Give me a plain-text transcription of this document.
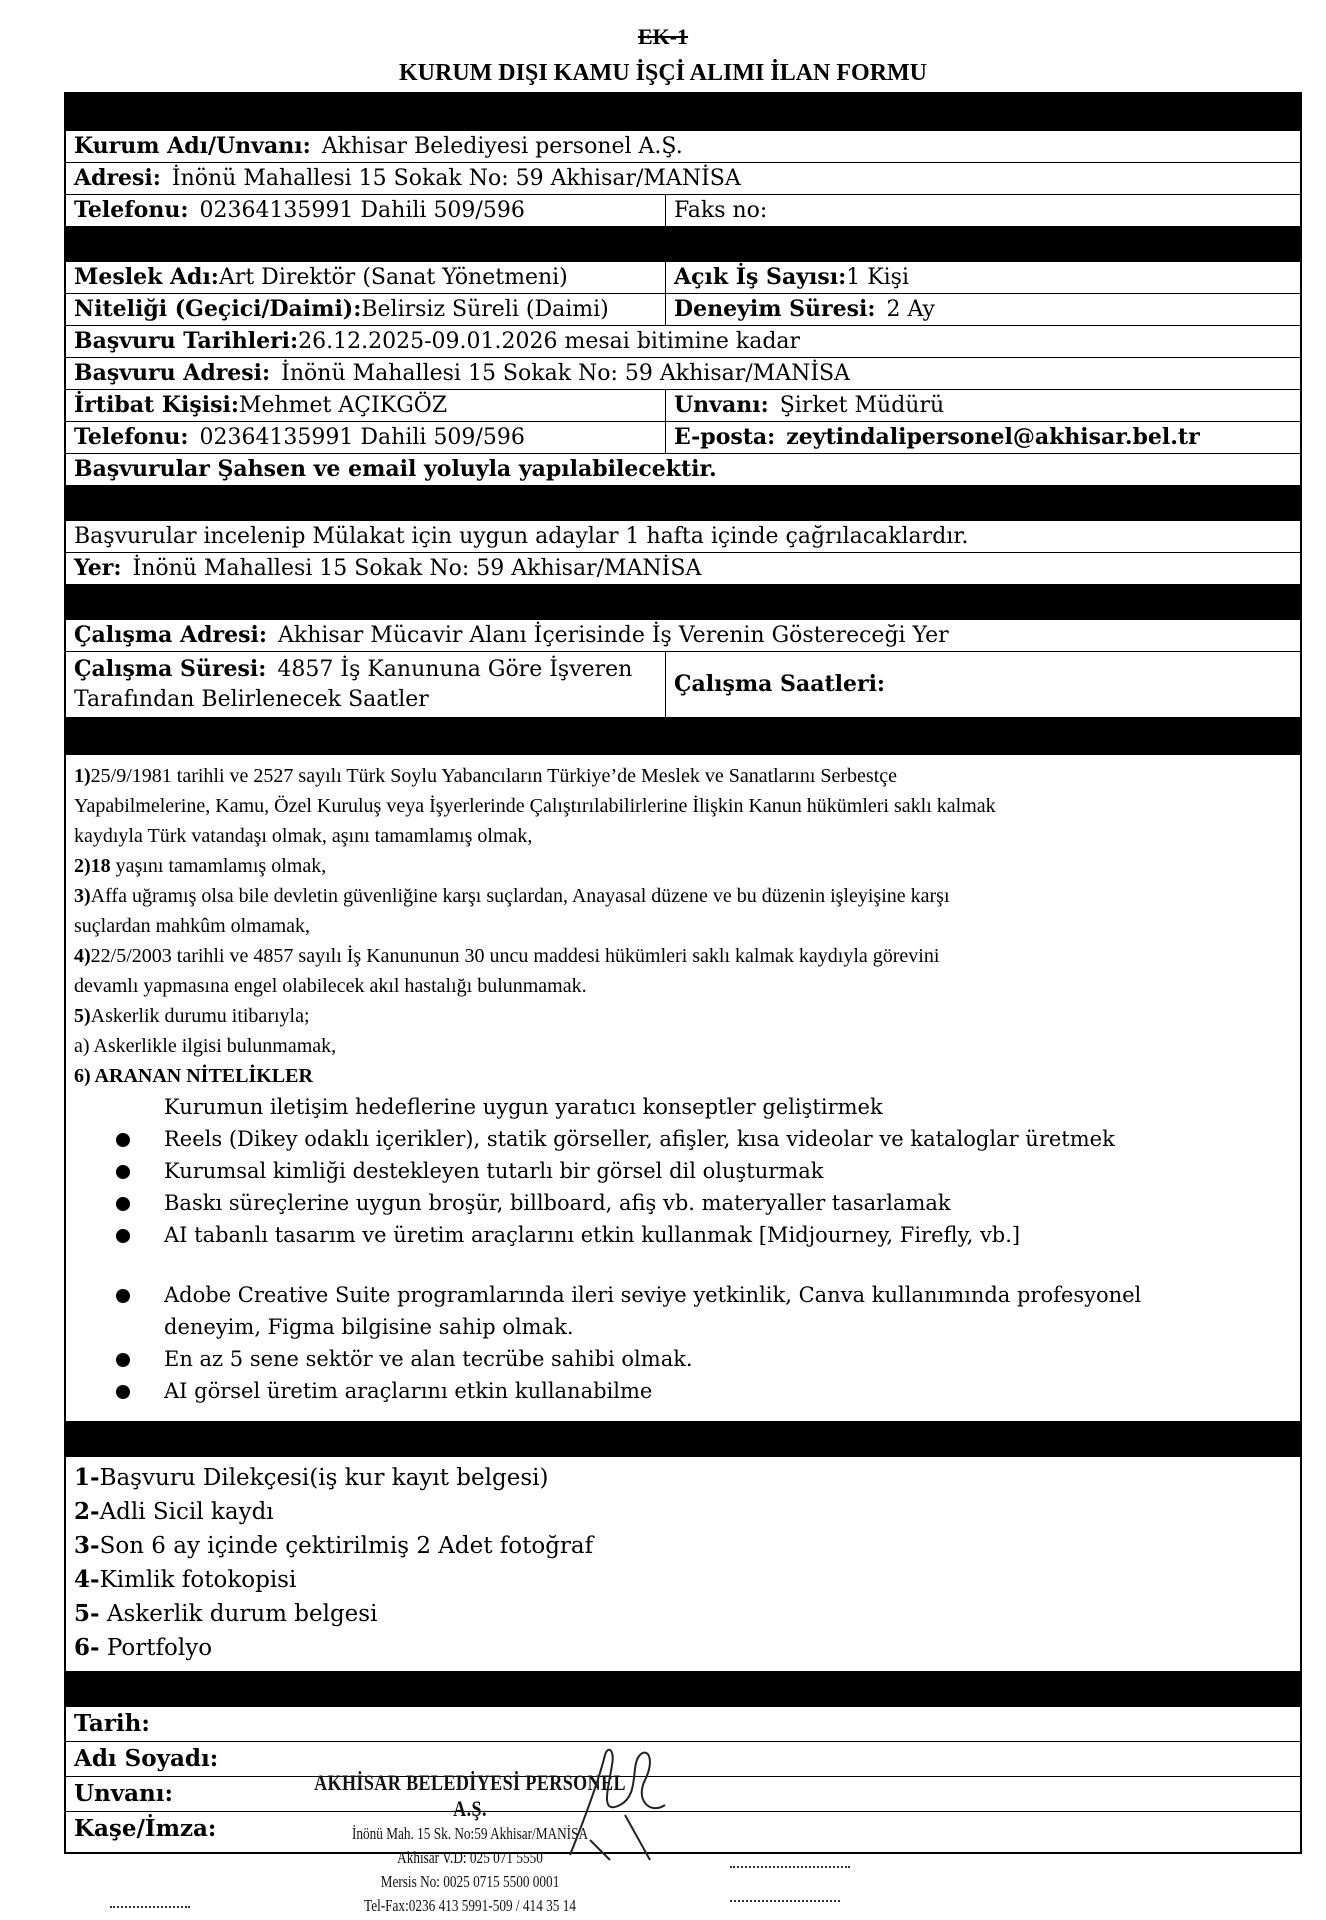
EK-1
KURUM DIŞI KAMU İŞÇİ ALIMI İLAN FORMU
Kurum Adı/Unvanı: Akhisar Belediyesi personel A.Ş.
Adresi: İnönü Mahallesi 15 Sokak No: 59 Akhisar/MANİSA
Telefonu: 02364135991 Dahili 509/596	Faks no:
Meslek Adı:Art Direktör (Sanat Yönetmeni)	Açık İş Sayısı:1 Kişi
Niteliği (Geçici/Daimi):Belirsiz Süreli (Daimi)	Deneyim Süresi: 2 Ay
Başvuru Tarihleri:26.12.2025-09.01.2026 mesai bitimine kadar
Başvuru Adresi: İnönü Mahallesi 15 Sokak No: 59 Akhisar/MANİSA
İrtibat Kişisi:Mehmet AÇIKGÖZ	Unvanı: Şirket Müdürü
Telefonu: 02364135991 Dahili 509/596	E-posta: zeytindalipersonel@akhisar.bel.tr
Başvurular Şahsen ve email yoluyla yapılabilecektir.
Başvurular incelenip Mülakat için uygun adaylar 1 hafta içinde çağrılacaklardır.
Yer: İnönü Mahallesi 15 Sokak No: 59 Akhisar/MANİSA
Çalışma Adresi: Akhisar Mücavir Alanı İçerisinde İş Verenin Göstereceği Yer
Çalışma Süresi: 4857 İş Kanununa Göre İşveren
Tarafından Belirlenecek Saatler
Çalışma Saatleri:

1)25/9/1981 tarihli ve 2527 sayılı Türk Soylu Yabancıların Türkiye’de Meslek ve Sanatlarını Serbestçe

Yapabilmelerine, Kamu, Özel Kuruluş veya İşyerlerinde Çalıştırılabilirlerine İlişkin Kanun hükümleri saklı kalmak

kaydıyla Türk vatandaşı olmak, aşını tamamlamış olmak,

2)18 yaşını tamamlamış olmak,

3)Affa uğramış olsa bile devletin güvenliğine karşı suçlardan, Anayasal düzene ve bu düzenin işleyişine karşı

suçlardan mahkûm olmamak,

4)22/5/2003 tarihli ve 4857 sayılı İş Kanununun 30 uncu maddesi hükümleri saklı kalmak kaydıyla görevini

devamlı yapmasına engel olabilecek akıl hastalığı bulunmamak.

5)Askerlik durumu itibarıyla;

a) Askerlikle ilgisi bulunmamak,

6) ARANAN NİTELİKLER

Kurumun iletişim hedeflerine uygun yaratıcı konseptler geliştirmek
Reels (Dikey odaklı içerikler), statik görseller, afişler, kısa videolar ve kataloglar üretmek
Kurumsal kimliği destekleyen tutarlı bir görsel dil oluşturmak
Baskı süreçlerine uygun broşür, billboard, afiş vb. materyaller tasarlamak
AI tabanlı tasarım ve üretim araçlarını etkin kullanmak [Midjourney, Firefly, vb.]
Adobe Creative Suite programlarında ileri seviye yetkinlik, Canva kullanımında profesyonel
deneyim, Figma bilgisine sahip olmak.
En az 5 sene sektör ve alan tecrübe sahibi olmak.
AI görsel üretim araçlarını etkin kullanabilme
1-Başvuru Dilekçesi(iş kur kayıt belgesi)
2-Adli Sicil kaydı
3-Son 6 ay içinde çektirilmiş 2 Adet fotoğraf
4-Kimlik fotokopisi
5- Askerlik durum belgesi
6- Portfolyo
Tarih:
Adı Soyadı:
Unvanı:
Kaşe/İmza:
AKHİSAR BELEDİYESİ PERSONEL A.Ş.
İnönü Mah. 15 Sk. No:59 Akhisar/MANİSA
Akhisar V.D: 025 071 5550
Mersis No: 0025 0715 5500 0001
Tel-Fax:0236 413 5991-509 / 414 35 14
